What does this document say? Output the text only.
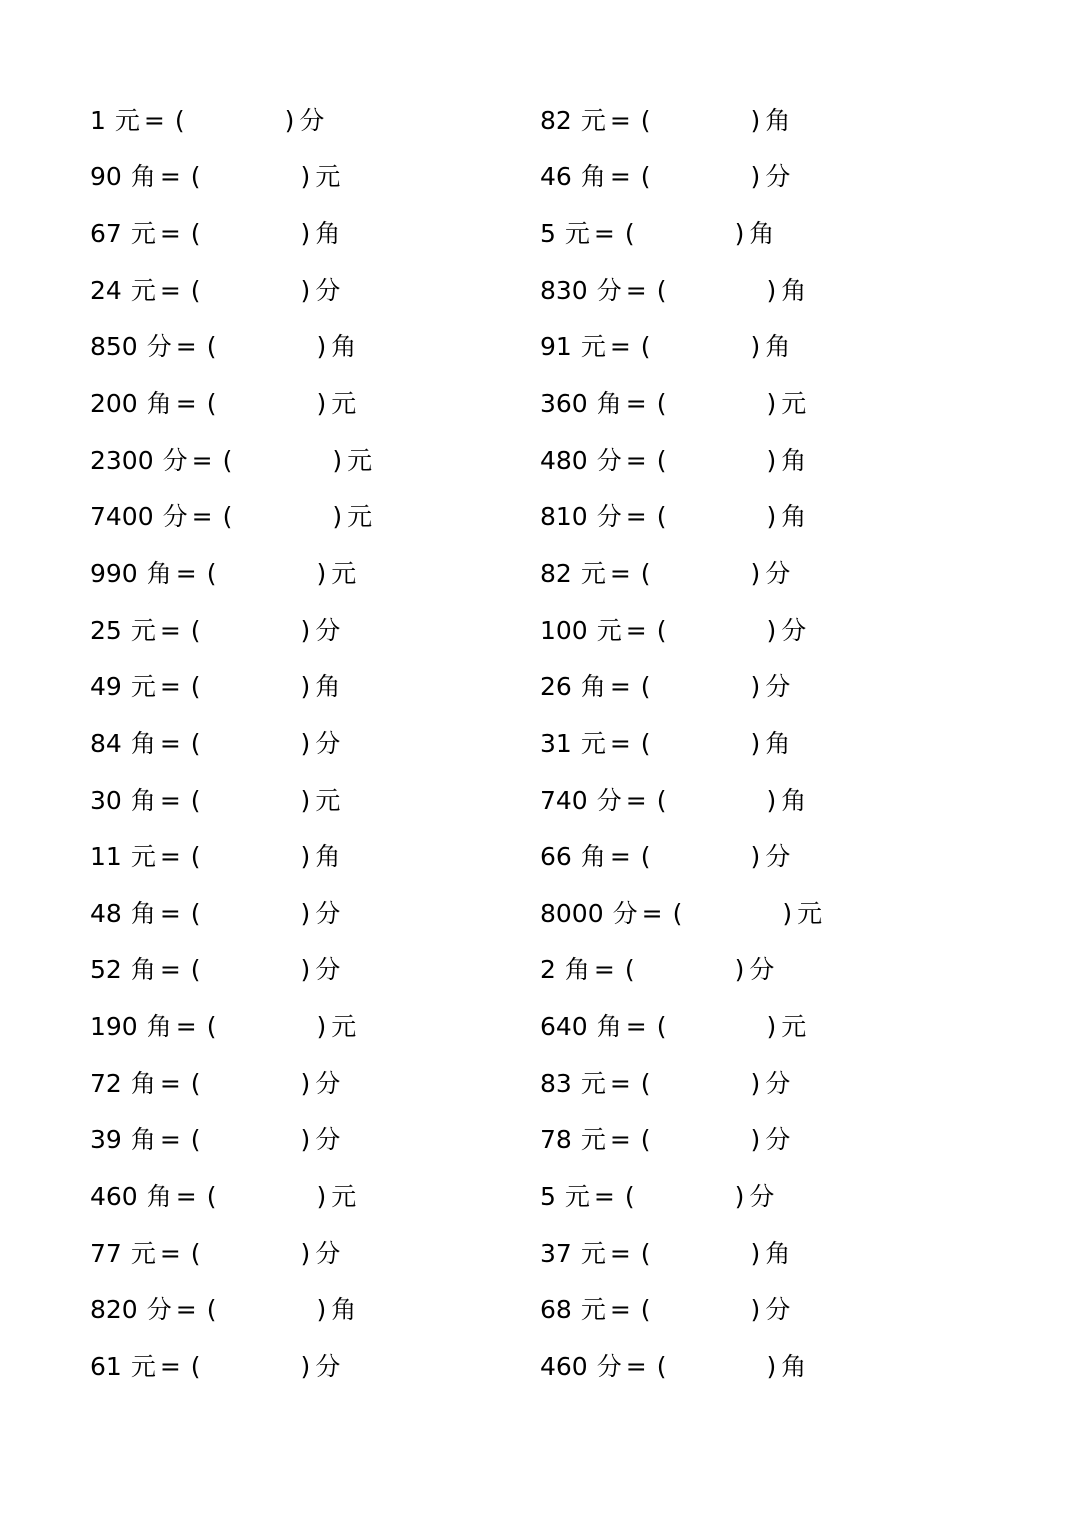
1 元 = (	) 分
90 角 = (	) 元
67 元 = (	) 角
24 元 = (	) 分
850 分 = (	) 角
200 角 = (	) 元
2300 分 = (	) 元
7400 分 = (	) 元
990 角 = (	) 元
25 元 = (	) 分
49 元 = (	) 角
84 角 = (	) 分
30 角 = (	) 元
11 元 = (	) 角
48 角 = (	) 分
52 角 = (	) 分
190 角 = (	) 元
72 角 = (	) 分
39 角 = (	) 分
460 角 = (	) 元
77 元 = (	) 分
820 分 = (	) 角
61 元 = (	) 分
82 元 = (	) 角
46 角 = (	) 分
5 元 = (	) 角
830 分 = (	) 角
91 元 = (	) 角
360 角 = (	) 元
480 分 = (	) 角
810 分 = (	) 角
82 元 = (	) 分
100 元 = (	) 分
26 角 = (	) 分
31 元 = (	) 角
740 分 = (	) 角
66 角 = (	) 分
8000 分 = (	) 元
2 角 = (	) 分
640 角 = (	) 元
83 元 = (	) 分
78 元 = (	) 分
5 元 = (	) 分
37 元 = (	) 角
68 元 = (	) 分
460 分 = (	) 角
